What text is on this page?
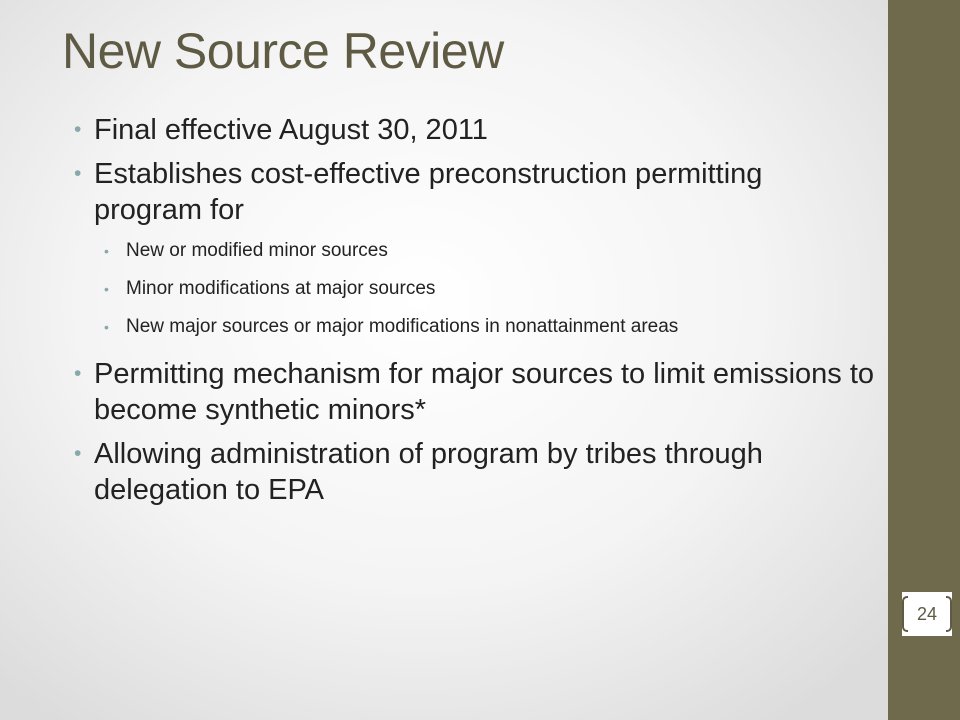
New Source Review
• Final effective August 30, 2011
• Establishes cost-effective preconstruction permitting program for
• New or modified minor sources
• Minor modifications at major sources
• New major sources or major modifications in nonattainment areas
• Permitting mechanism for major sources to limit emissions to become synthetic minors*
• Allowing administration of program by tribes through delegation to EPA
24
